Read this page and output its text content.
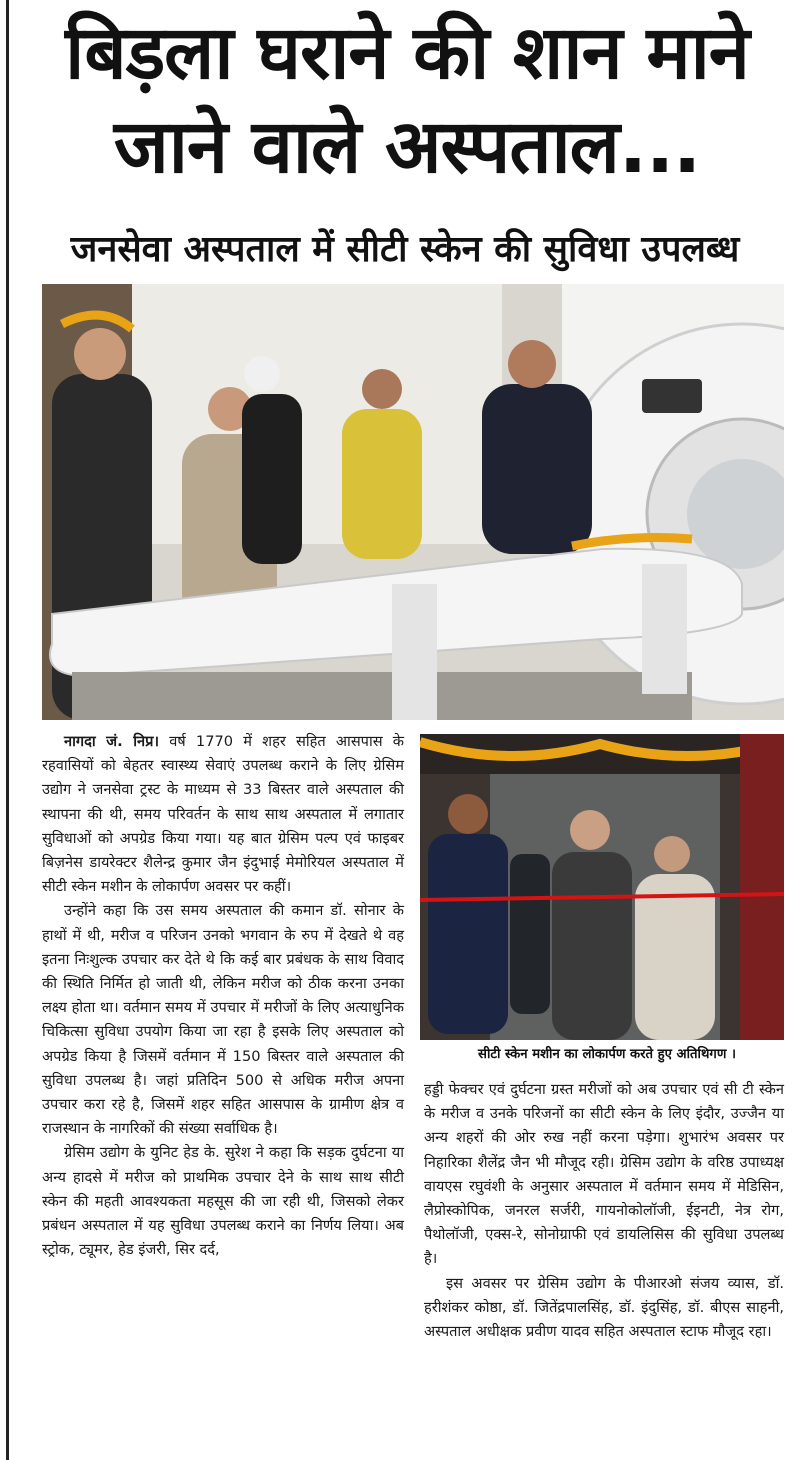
बिड़ला घराने की शान माने जाने वाले अस्पताल...
जनसेवा अस्पताल में सीटी स्केन की सुविधा उपलब्ध
सीटी स्केन मशीन का लोकार्पण करते हुए अतिथिगण ।

नागदा जं. निप्र। वर्ष 1770 में शहर सहित आसपास के रहवासियों को बेहतर स्वास्थ्य सेवाएं उपलब्ध कराने के लिए ग्रेसिम उद्योग ने जनसेवा ट्रस्ट के माध्यम से 33 बिस्तर वाले अस्पताल की स्थापना की थी, समय परिवर्तन के साथ साथ अस्पताल में लगातार सुविधाओं को अपग्रेड किया गया। यह बात ग्रेसिम पल्प एवं फाइबर बिज़नेस डायरेक्टर शैलेन्द्र कुमार जैन इंदुभाई मेमोरियल अस्पताल में सीटी स्केन मशीन के लोकार्पण अवसर पर कहीं।

उन्होंने कहा कि उस समय अस्पताल की कमान डॉ. सोनार के हाथों में थी, मरीज व परिजन उनको भगवान के रुप में देखते थे वह इतना निःशुल्क उपचार कर देते थे कि कई बार प्रबंधक के साथ विवाद की स्थिति निर्मित हो जाती थी, लेकिन मरीज को ठीक करना उनका लक्ष्य होता था। वर्तमान समय में उपचार में मरीजों के लिए अत्याधुनिक चिकित्सा सुविधा उपयोग किया जा रहा है इसके लिए अस्पताल को अपग्रेड किया है जिसमें वर्तमान में 150 बिस्तर वाले अस्पताल की सुविधा उपलब्ध है। जहां प्रतिदिन 500 से अधिक मरीज अपना उपचार करा रहे है, जिसमें शहर सहित आसपास के ग्रामीण क्षेत्र व राजस्थान के नागरिकों की संख्या सर्वाधिक है।

ग्रेसिम उद्योग के युनिट हेड के. सुरेश ने कहा कि सड़क दुर्घटना या अन्य हादसे में मरीज को प्राथमिक उपचार देने के साथ साथ सीटी स्केन की महती आवश्यकता महसूस की जा रही थी, जिसको लेकर प्रबंधन अस्पताल में यह सुविधा उपलब्ध कराने का निर्णय लिया। अब स्ट्रोक, ट्यूमर, हेड इंजरी, सिर दर्द,

हड्डी फेक्चर एवं दुर्घटना ग्रस्त मरीजों को अब उपचार एवं सी टी स्केन के मरीज व उनके परिजनों का सीटी स्केन के लिए इंदौर, उज्जैन या अन्य शहरों की ओर रुख नहीं करना पड़ेगा। शुभारंभ अवसर पर निहारिका शैलेंद्र जैन भी मौजूद रही। ग्रेसिम उद्योग के वरिष्ठ उपाध्यक्ष वायएस रघुवंशी के अनुसार अस्पताल में वर्तमान समय में मेडिसिन, लैप्रोस्कोपिक, जनरल सर्जरी, गायनोकोलॉजी, ईइनटी, नेत्र रोग, पैथोलॉजी, एक्स-रे, सोनोग्राफी एवं डायलिसिस की सुविधा उपलब्ध है।

इस अवसर पर ग्रेसिम उद्योग के पीआरओ संजय व्यास, डॉ. हरीशंकर कोष्ठा, डॉ. जितेंद्रपालसिंह, डॉ. इंदुसिंह, डॉ. बीएस साहनी, अस्पताल अधीक्षक प्रवीण यादव सहित अस्पताल स्टाफ मौजूद रहा।
